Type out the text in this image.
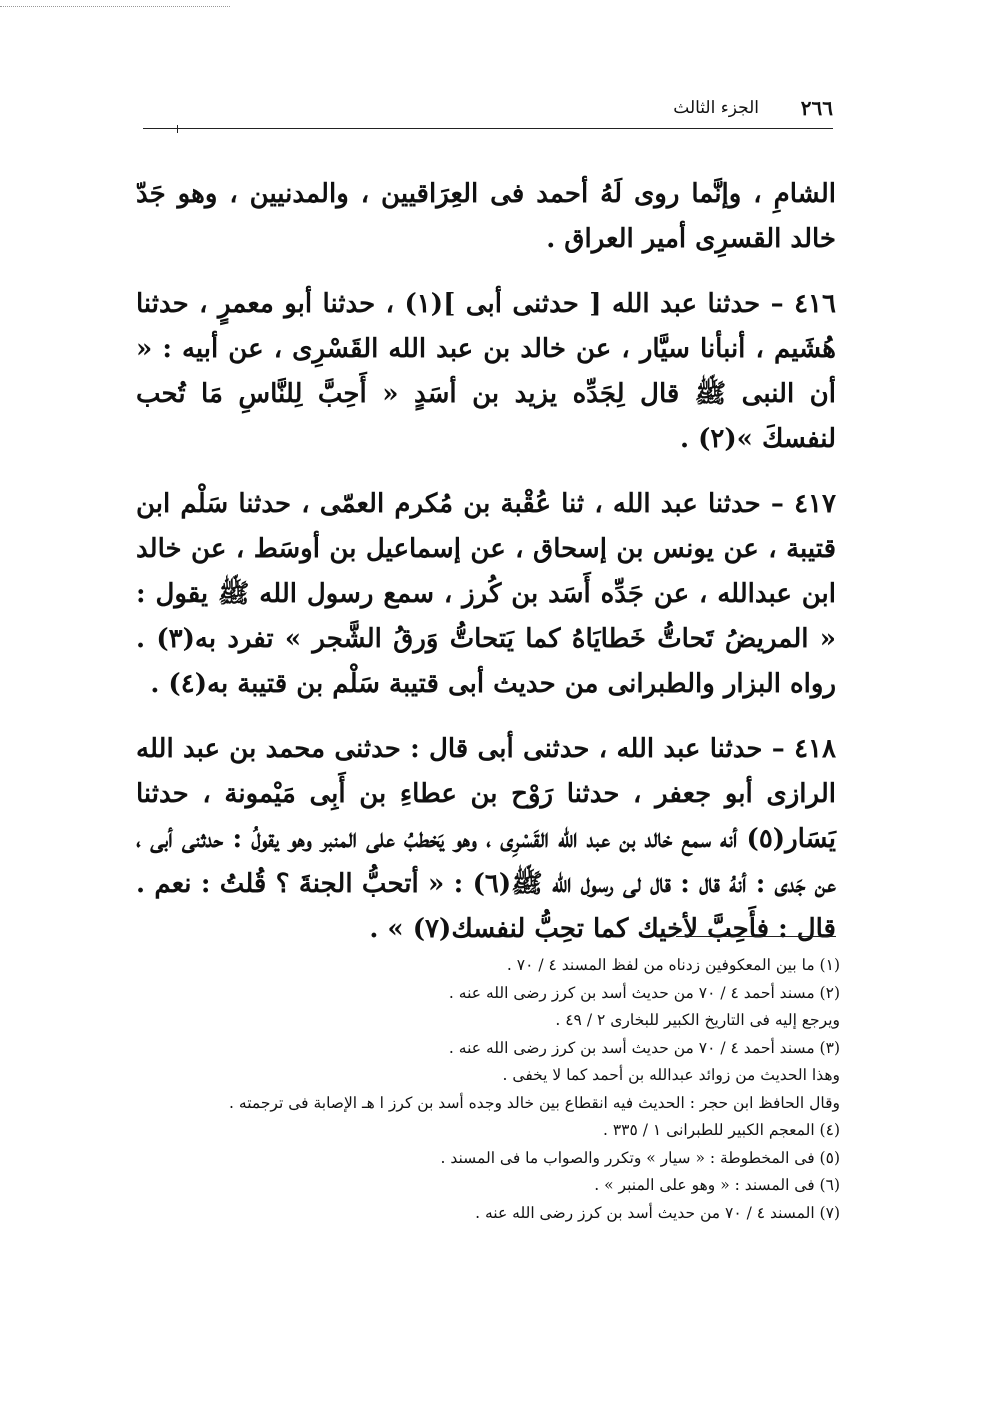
٢٦٦
الجزء الثالث

الشامِ ، وإنَّما روى لَهُ أحمد فى العِرَاقيين ، والمدنيين ، وهو جَدّ خالد القسرِى أمير العراق .

٤١٦ – حدثنا عبد الله [ حدثنى أبى ](١) ، حدثنا أبو معمرٍ ، حدثنا هُشَيم ، أنبأنا سيَّار ، عن خالد بن عبد الله القَسْرِى ، عن أبيه : « أن النبى ﷺ قال لِجَدِّه يزيد بن أسَدٍ « أَحِبَّ لِلنَّاسِ مَا تُحب لنفسكَ »(٢) .

٤١٧ – حدثنا عبد الله ، ثنا عُقْبة بن مُكرم العمّى ، حدثنا سَلْم ابن قتيبة ، عن يونس بن إسحاق ، عن إسماعيل بن أوسَط ، عن خالد ابن عبدالله ، عن جَدِّه أَسَد بن كُرز ، سمع رسول الله ﷺ يقول : « المريضُ تَحاتُّ خَطايَاهُ كما يَتحاتُّ وَرقُ الشَّجر » تفرد به(٣) . رواه البزار والطبرانى من حديث أبى قتيبة سَلْم بن قتيبة به(٤) .

٤١٨ – حدثنا عبد الله ، حدثنى أبى قال : حدثنى محمد بن عبد الله الرازى أبو جعفر ، حدثنا رَوْح بن عطاءِ بن أَبِى مَيْمونة ، حدثنا يَسَار(٥) أنه سمع خالد بن عبد الله القَسْرِى ، وهو يَخطبُ على المنبر وهو يقولُ : حدثنى أبى ، عن جَدى : أنهُ قال : قال لى رسول الله ﷺ(٦) : « أتحبُّ الجنةَ ؟ قُلتُ : نعم . قال : فأَحِبَّ لأخيك كما تحِبُّ لنفسك(٧) » .

(١) ما بين المعكوفين زدناه من لفظ المسند ٤ / ٧٠ .

(٢) مسند أحمد ٤ / ٧٠ من حديث أسد بن كرز رضى الله عنه .

ويرجع إليه فى التاريخ الكبير للبخارى ٢ / ٤٩ .

(٣) مسند أحمد ٤ / ٧٠ من حديث أسد بن كرز رضى الله عنه .

وهذا الحديث من زوائد عبدالله بن أحمد كما لا يخفى .

وقال الحافظ ابن حجر : الحديث فيه انقطاع بين خالد وجده أسد بن كرز ا هـ الإصابة فى ترجمته .

(٤) المعجم الكبير للطبرانى ١ / ٣٣٥ .

(٥) فى المخطوطة : « سيار » وتكرر والصواب ما فى المسند .

(٦) فى المسند : « وهو على المنبر » .

(٧) المسند ٤ / ٧٠ من حديث أسد بن كرز رضى الله عنه .
